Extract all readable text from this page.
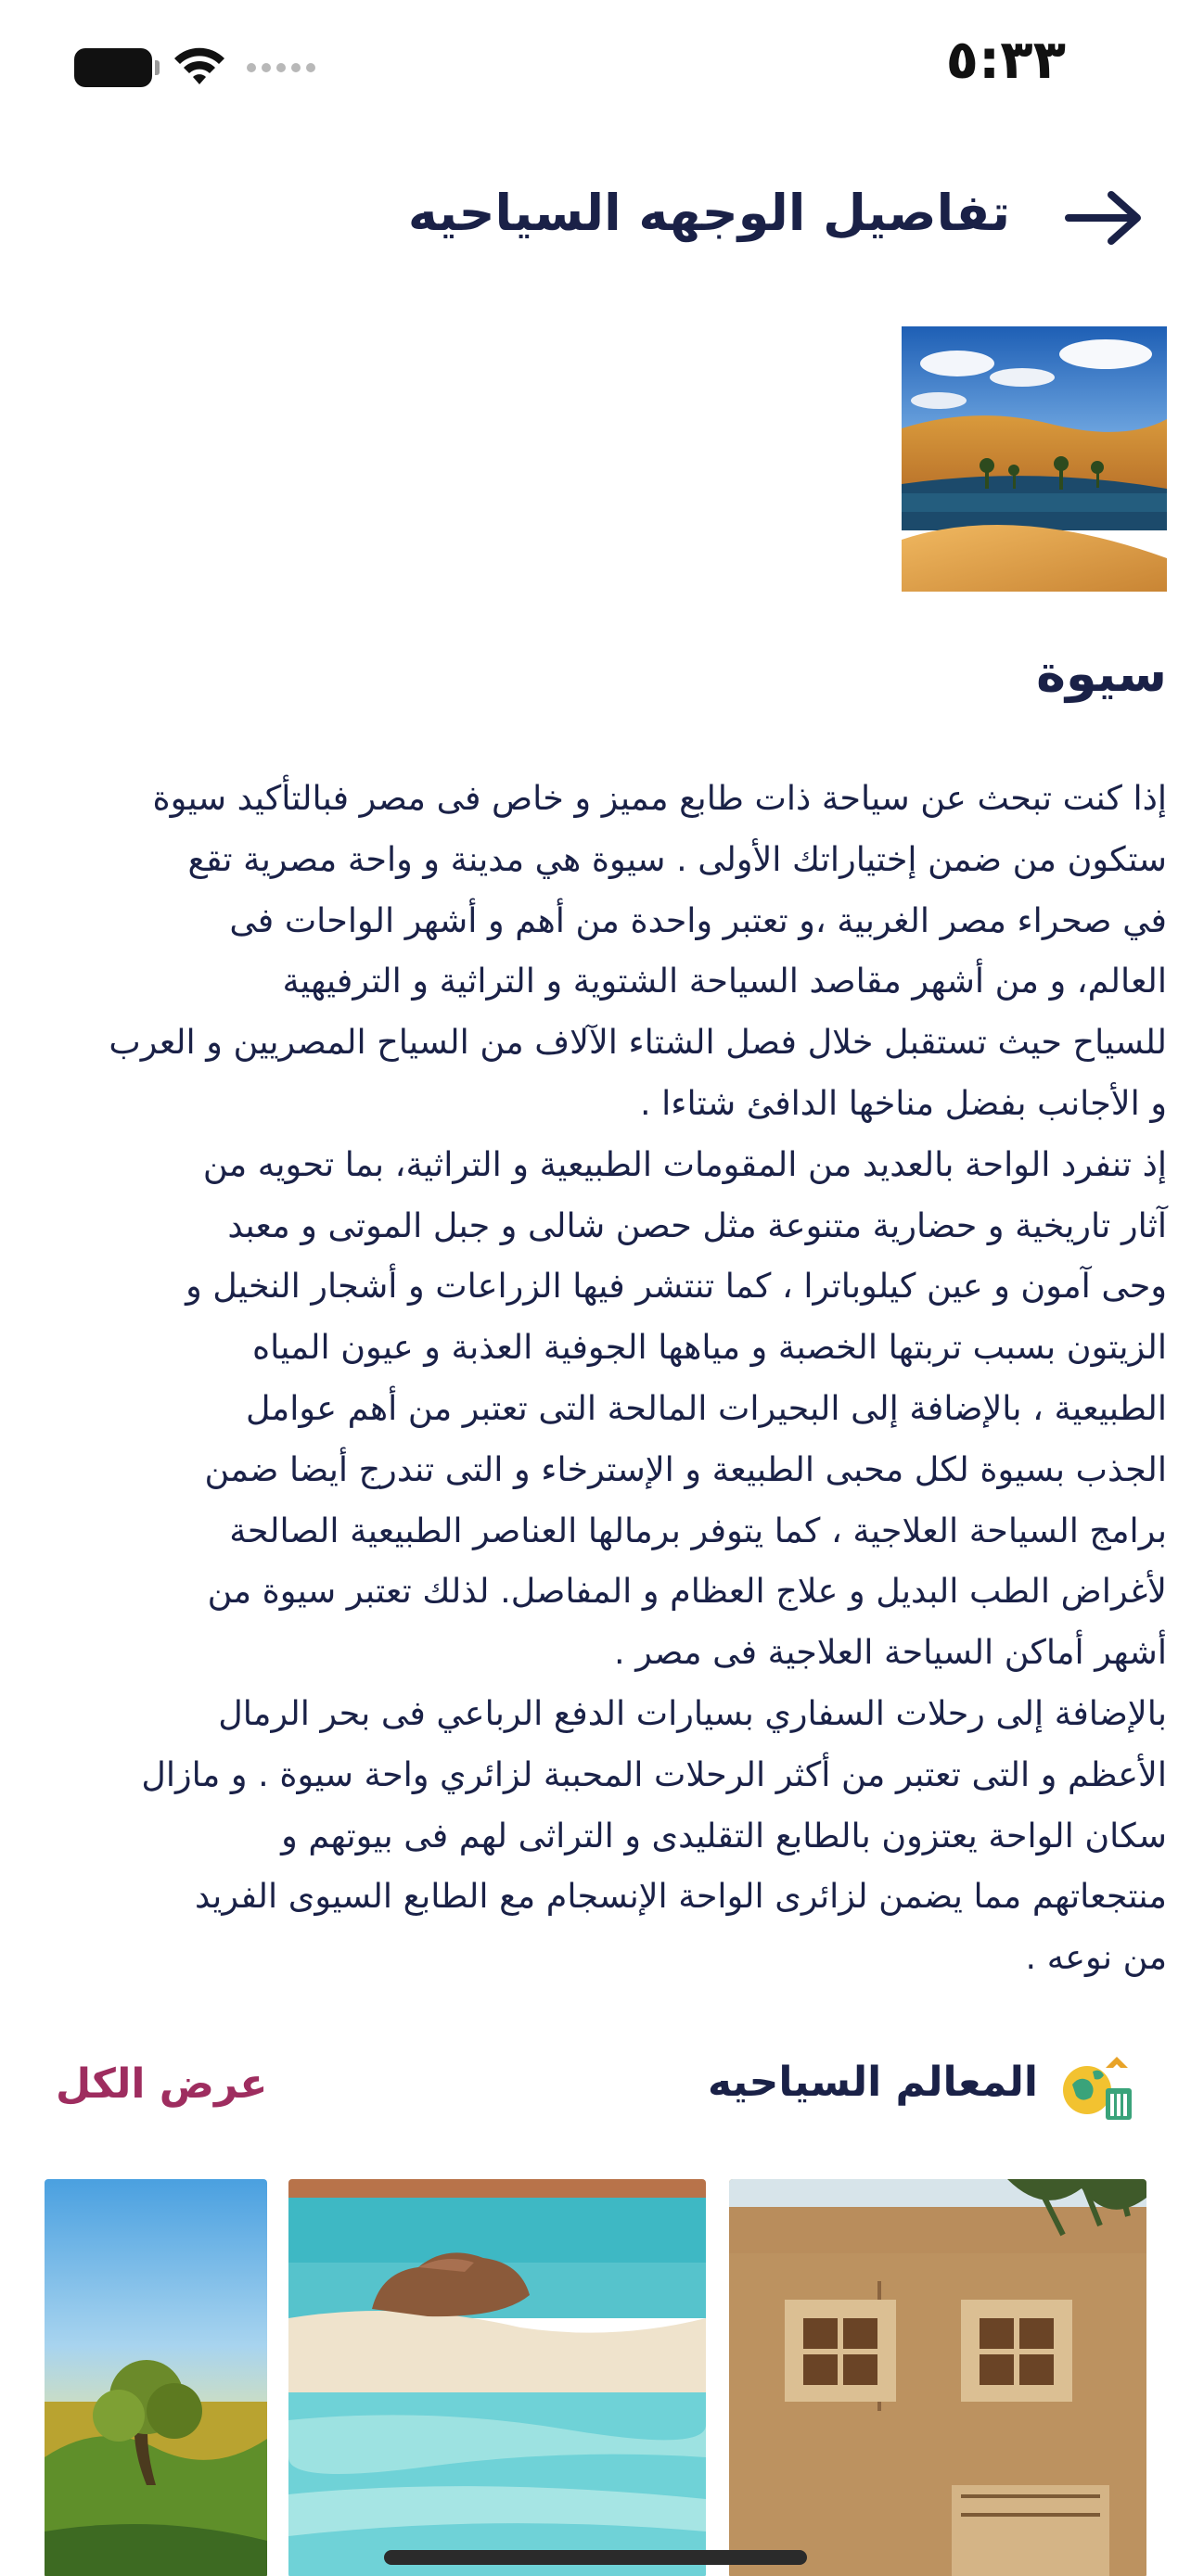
٥:٣٣
تفاصيل الوجهه السياحيه
سيوة
إذا كنت تبحث عن سياحة ذات طابع مميز و خاص فى مصر فبالتأكيد سيوة
ستكون من ضمن إختياراتك الأولى . سيوة هي مدينة و واحة مصرية تقع
في صحراء مصر الغربية ،و تعتبر واحدة من أهم و أشهر الواحات فى
العالم، و من أشهر مقاصد السياحة الشتوية و التراثية و الترفيهية
للسياح حيث تستقبل خلال فصل الشتاء الآلاف من السياح المصريين و العرب
و الأجانب بفضل مناخها الدافئ شتاءا .
إذ تنفرد الواحة بالعديد من المقومات الطبيعية و التراثية، بما تحويه من
آثار تاريخية و حضارية متنوعة مثل حصن شالى و جبل الموتى و معبد
وحى آمون و عين كيلوباترا ، كما تنتشر فيها الزراعات و أشجار النخيل و
الزيتون بسبب تربتها الخصبة و مياهها الجوفية العذبة و عيون المياه
الطبيعية ، بالإضافة إلى البحيرات المالحة التى تعتبر من أهم عوامل
الجذب بسيوة لكل محبى الطبيعة و الإسترخاء و التى تندرج أيضا ضمن
برامج السياحة العلاجية ، كما يتوفر برمالها العناصر الطبيعية الصالحة
لأغراض الطب البديل و علاج العظام و المفاصل. لذلك تعتبر سيوة من
أشهر أماكن السياحة العلاجية فى مصر .
بالإضافة إلى رحلات السفاري بسيارات الدفع الرباعي فى بحر الرمال
الأعظم و التى تعتبر من أكثر الرحلات المحببة لزائري واحة سيوة . و مازال
سكان الواحة يعتزون بالطابع التقليدى و التراثى لهم فى بيوتهم و
منتجعاتهم مما يضمن لزائرى الواحة الإنسجام مع الطابع السيوى الفريد
من نوعه .
المعالم السياحيه
عرض الكل
